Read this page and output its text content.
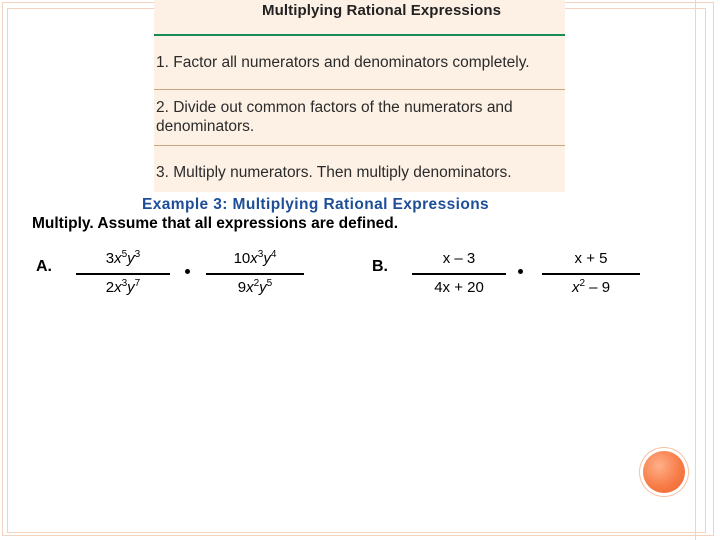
Multiplying Rational Expressions
1. Factor all numerators and denominators completely.
2. Divide out common factors of the numerators and denominators.
3. Multiply numerators. Then multiply denominators.
Example 3: Multiplying Rational Expressions
Multiply. Assume that all expressions are defined.
A.	$3x^5y^3$
$2x^3y^7$
$10x^3y^4$
$9x^2y^5$
B.	x – 3
4x + 20
x + 5
$x^2 - 9$
